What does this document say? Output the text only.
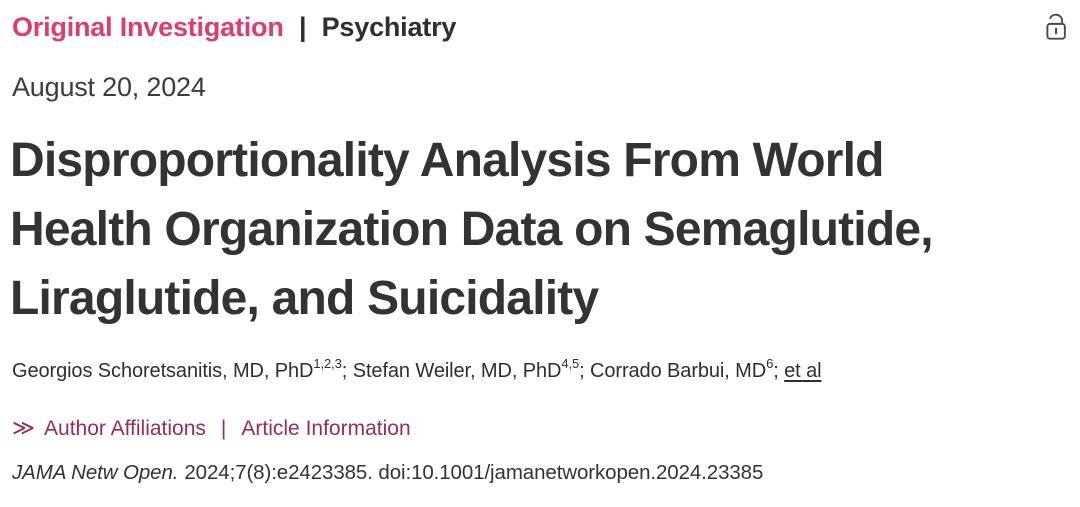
Original Investigation | Psychiatry
August 20, 2024
Disproportionality Analysis From World
Health Organization Data on Semaglutide,
Liraglutide, and Suicidality
Georgios Schoretsanitis, MD, PhD$^{1,2,3}$; Stefan Weiler, MD, PhD$^{4,5}$; Corrado Barbui, $MD^6$; et al
≫ Author Affiliations | Article Information
JAMA Netw Open. 2024;7(8):e2423385. doi:10.1001/jamanetworkopen.2024.23385
